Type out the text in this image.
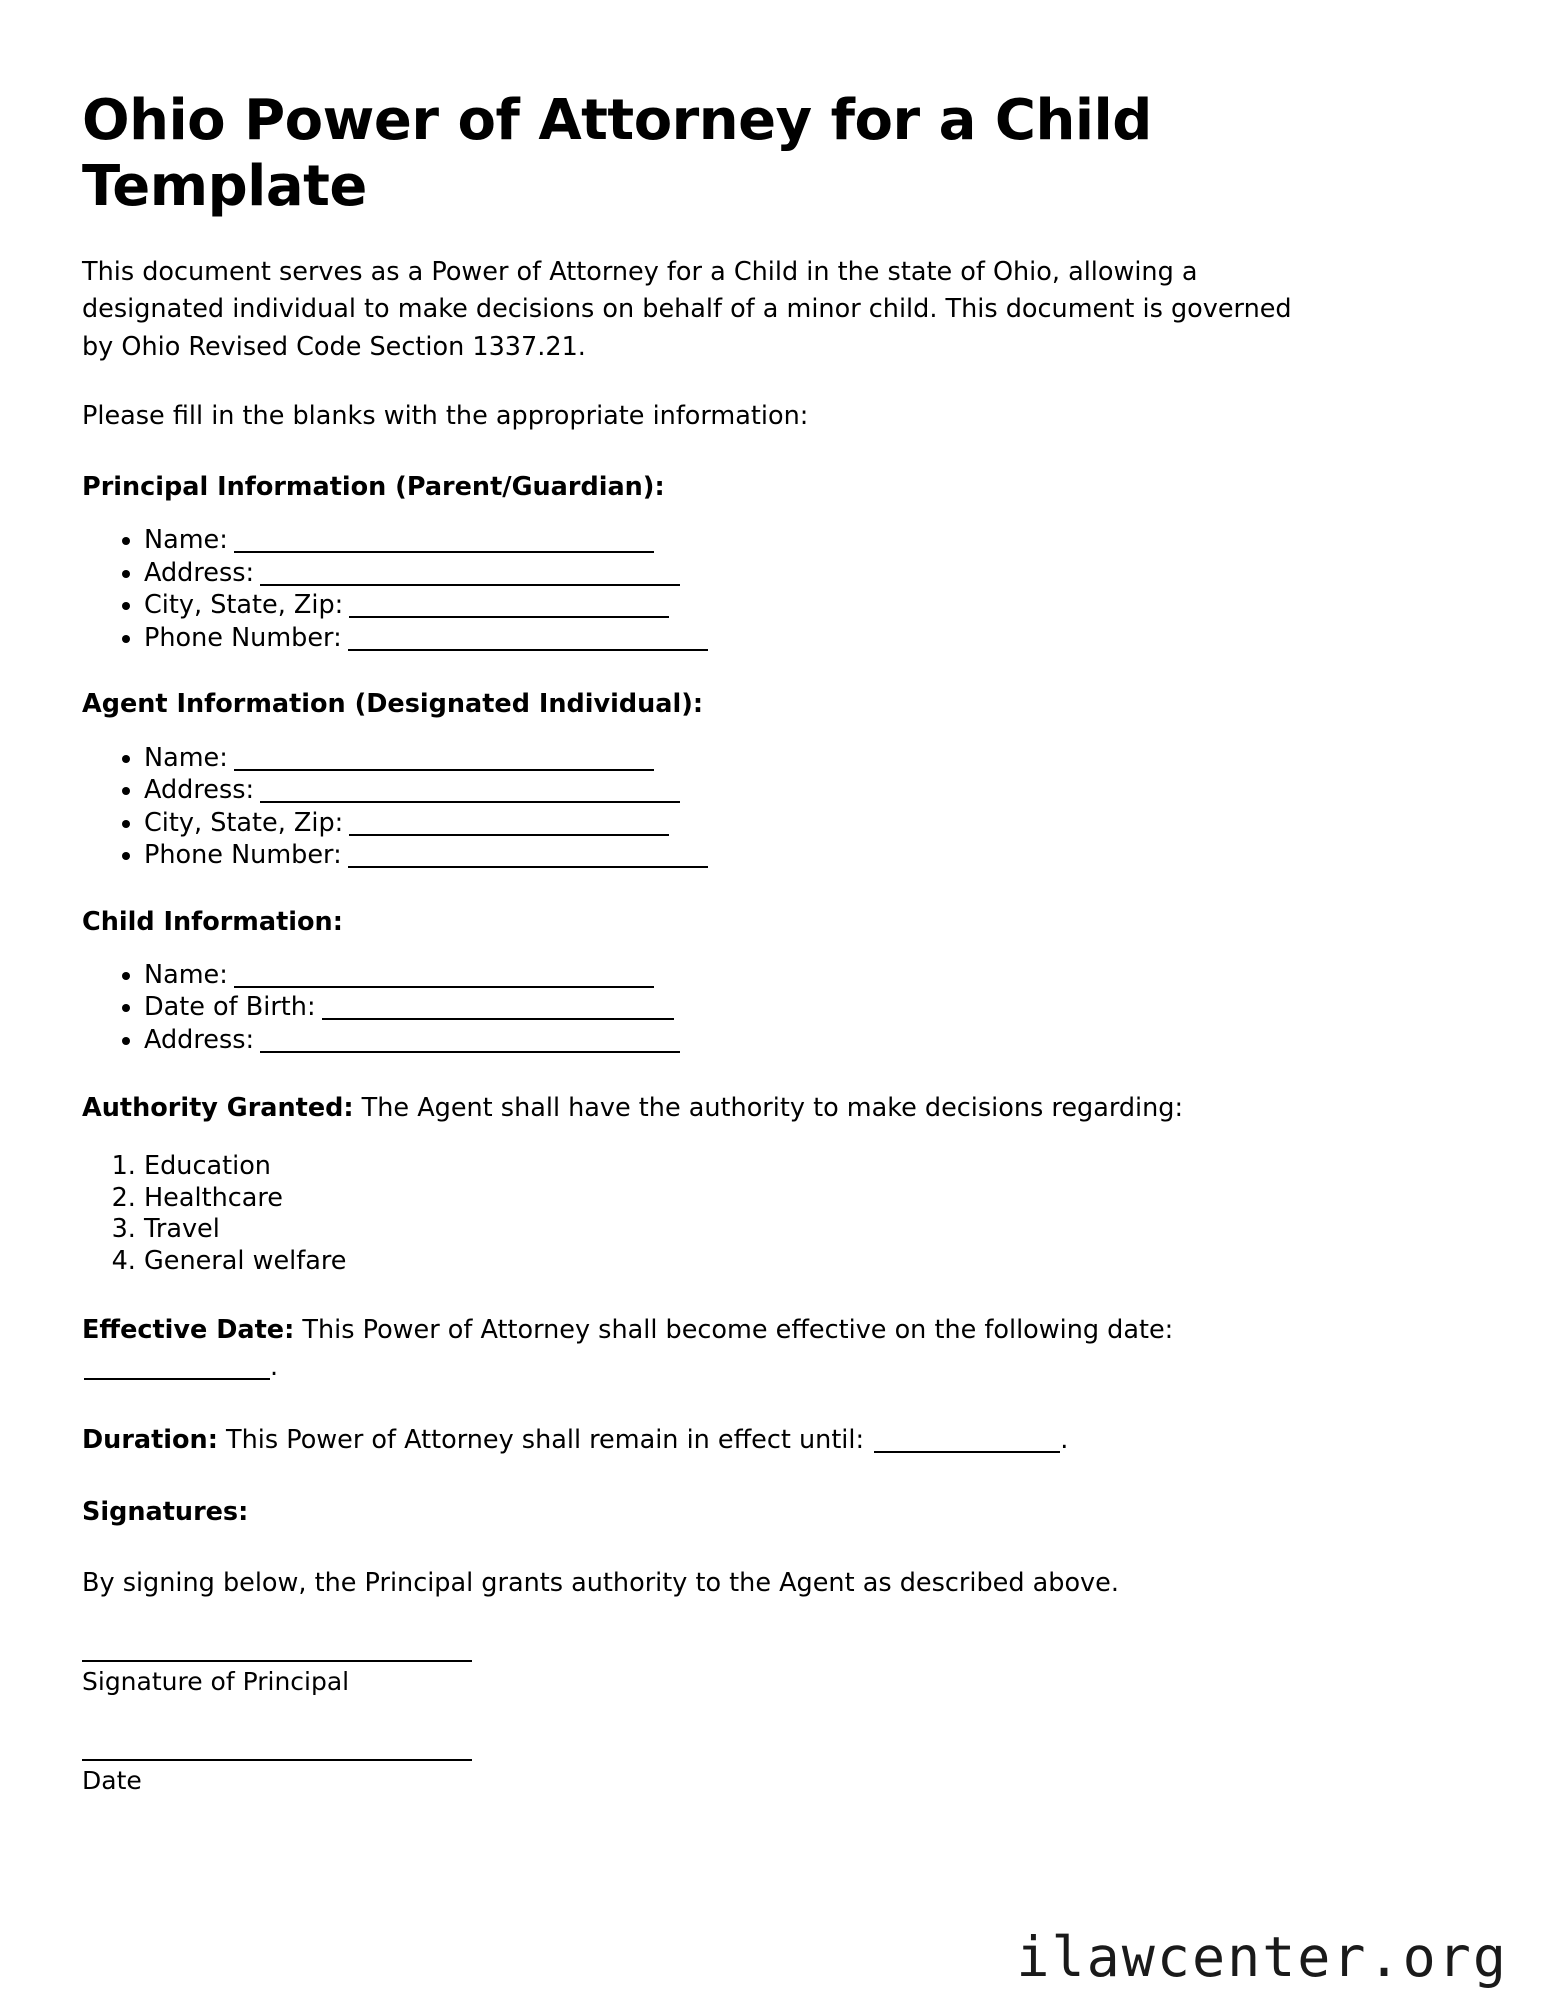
Ohio Power of Attorney for a Child Template

This document serves as a Power of Attorney for a Child in the state of Ohio, allowing a designated individual to make decisions on behalf of a minor child. This document is governed by Ohio Revised Code Section 1337.21.

Please fill in the blanks with the appropriate information:

Principal Information (Parent/Guardian):
• Name:
• Address:
• City, State, Zip:
• Phone Number:
Agent Information (Designated Individual):
• Name:
• Address:
• City, State, Zip:
• Phone Number:
Child Information:
• Name:
• Date of Birth:
• Address:

Authority Granted: The Agent shall have the authority to make decisions regarding:

1. Education
2. Healthcare
3. Travel
4. General welfare

Effective Date: This Power of Attorney shall become effective on the following date: .

Duration: This Power of Attorney shall remain in effect until:	.

Signatures:

By signing below, the Principal grants authority to the Agent as described above.

Signature of Principal
Date
ilawcenter.org
